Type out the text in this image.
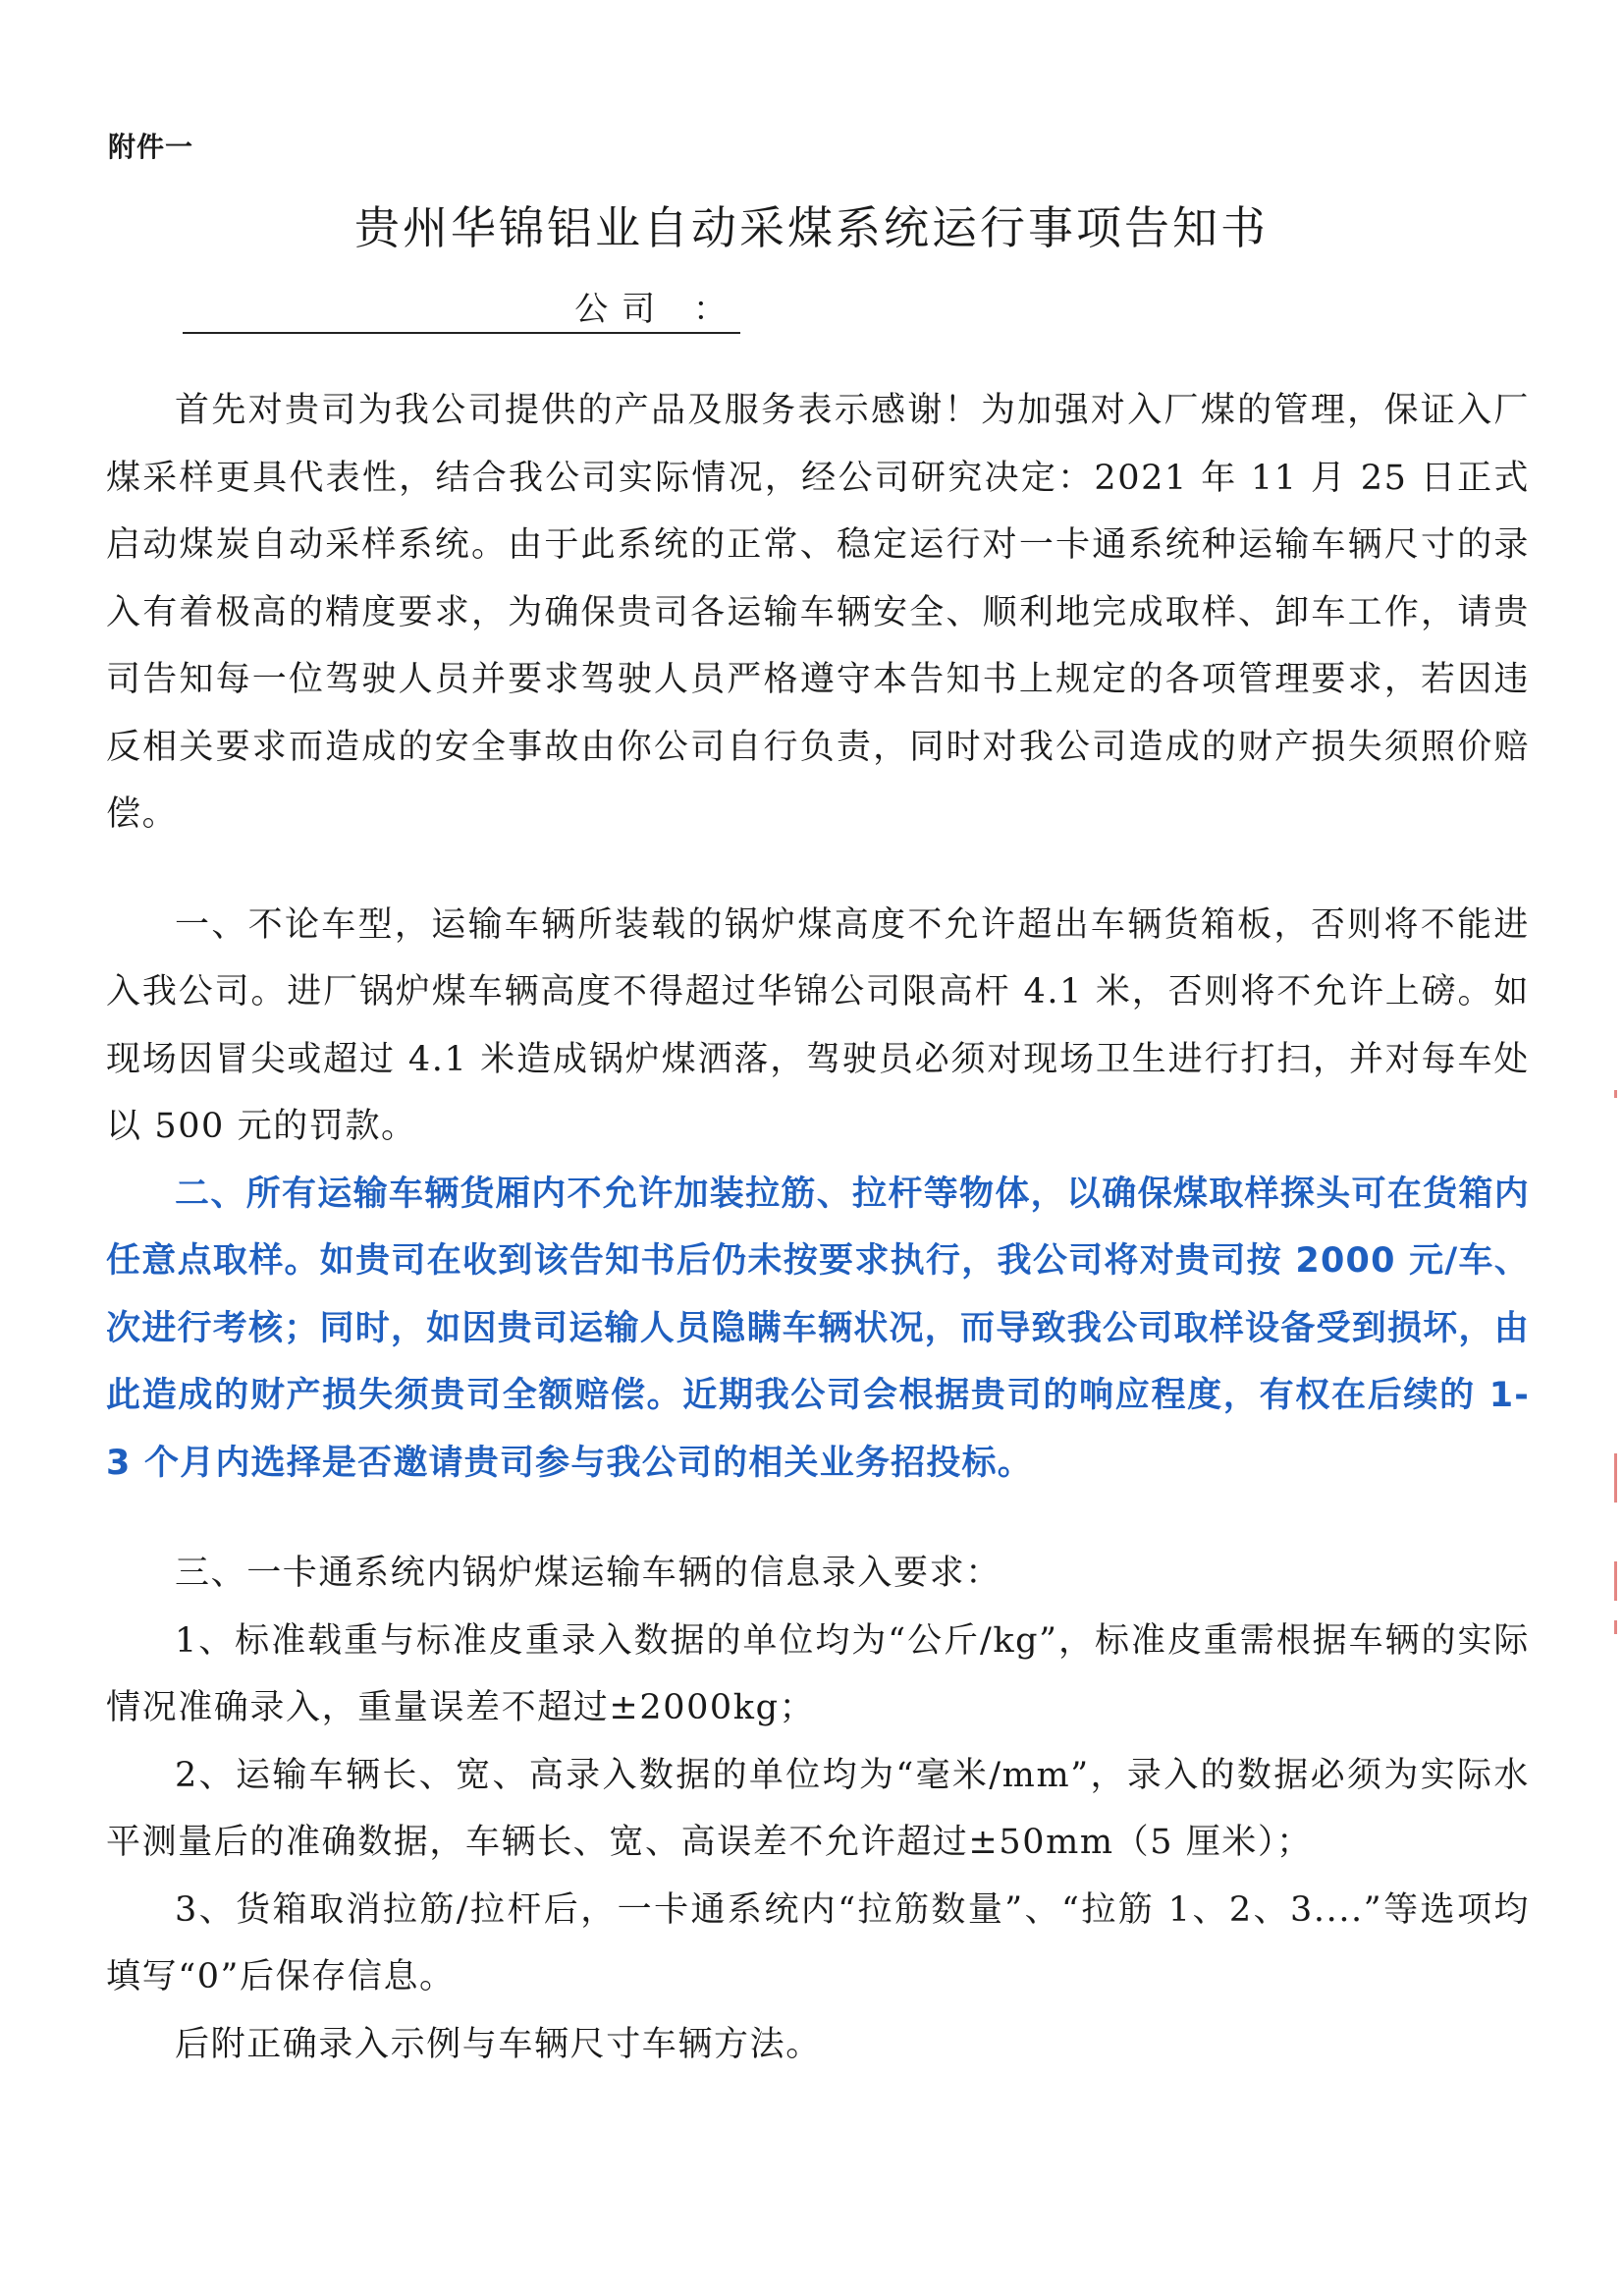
附件一
贵州华锦铝业自动采煤系统运行事项告知书
公司 ：

首先对贵司为我公司提供的产品及服务表示感谢！为加强对入厂煤的管理，保证入厂煤采样更具代表性，结合我公司实际情况，经公司研究决定：2021 年 11 月 25 日正式启动煤炭自动采样系统。由于此系统的正常、稳定运行对一卡通系统种运输车辆尺寸的录入有着极高的精度要求，为确保贵司各运输车辆安全、顺利地完成取样、卸车工作，请贵司告知每一位驾驶人员并要求驾驶人员严格遵守本告知书上规定的各项管理要求，若因违反相关要求而造成的安全事故由你公司自行负责，同时对我公司造成的财产损失须照价赔偿。

一、不论车型，运输车辆所装载的锅炉煤高度不允许超出车辆货箱板，否则将不能进入我公司。进厂锅炉煤车辆高度不得超过华锦公司限高杆 4.1 米，否则将不允许上磅。如现场因冒尖或超过 4.1 米造成锅炉煤洒落，驾驶员必须对现场卫生进行打扫，并对每车处以 500 元的罚款。

二、所有运输车辆货厢内不允许加装拉筋、拉杆等物体，以确保煤取样探头可在货箱内任意点取样。如贵司在收到该告知书后仍未按要求执行，我公司将对贵司按 2000 元/车、次进行考核；同时，如因贵司运输人员隐瞒车辆状况，而导致我公司取样设备受到损坏，由此造成的财产损失须贵司全额赔偿。近期我公司会根据贵司的响应程度，有权在后续的 1-3 个月内选择是否邀请贵司参与我公司的相关业务招投标。

三、一卡通系统内锅炉煤运输车辆的信息录入要求：

1、标准载重与标准皮重录入数据的单位均为“公斤/kg”，标准皮重需根据车辆的实际情况准确录入，重量误差不超过±2000kg；

2、运输车辆长、宽、高录入数据的单位均为“毫米/mm”，录入的数据必须为实际水平测量后的准确数据，车辆长、宽、高误差不允许超过±50mm（5 厘米）；

3、货箱取消拉筋/拉杆后，一卡通系统内“拉筋数量”、“拉筋 1、2、3....”等选项均填写“0”后保存信息。

后附正确录入示例与车辆尺寸车辆方法。
